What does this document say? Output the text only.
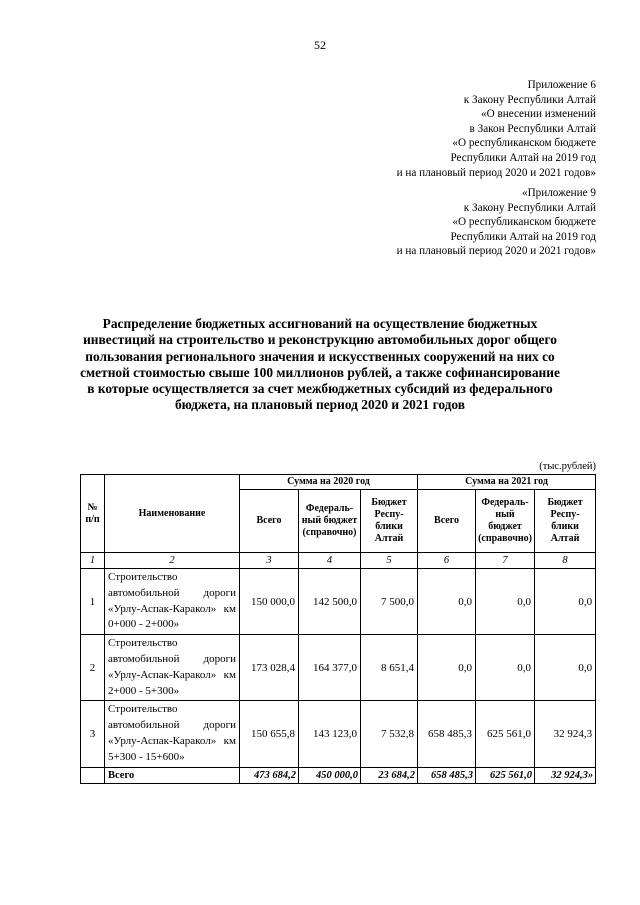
52
Приложение 6
к Закону Республики Алтай
«О внесении изменений
в Закон Республики Алтай
«О республиканском бюджете
Республики Алтай на 2019 год
и на плановый период 2020 и 2021 годов»
«Приложение 9
к Закону Республики Алтай
«О республиканском бюджете
Республики Алтай на 2019 год
и на плановый период 2020 и 2021 годов»
Распределение бюджетных ассигнований на осуществление бюджетных инвестиций на строительство и реконструкцию автомобильных дорог общего пользования регионального значения и искусственных сооружений на них со сметной стоимостью свыше 100 миллионов рублей, а также софинансирование в которые осуществляется за счет межбюджетных субсидий из федерального бюджета, на плановый период 2020 и 2021 годов
(тыс.рублей)
№ п/п	Наименование	Сумма на 2020 год			Сумма на 2021 год		
		Всего	Федераль-ный бюджет (справочно)	Бюджет Респу-блики Алтай	Всего	Федераль-ный бюджет (справочно)	Бюджет Респу-блики Алтай
1	2	3	4	5	6	7	8
1	Строительство автомобильной дороги «Урлу-Аспак-Каракол» км 0+000 - 2+000»	150 000,0	142 500,0	7 500,0	0,0	0,0	0,0
2	Строительство автомобильной дороги «Урлу-Аспак-Каракол» км 2+000 - 5+300»	173 028,4	164 377,0	8 651,4	0,0	0,0	0,0
3	Строительство автомобильной дороги «Урлу-Аспак-Каракол» км 5+300 - 15+600»	150 655,8	143 123,0	7 532,8	658 485,3	625 561,0	32 924,3
	Всего	473 684,2	450 000,0	23 684,2	658 485,3	625 561,0	32 924,3»
